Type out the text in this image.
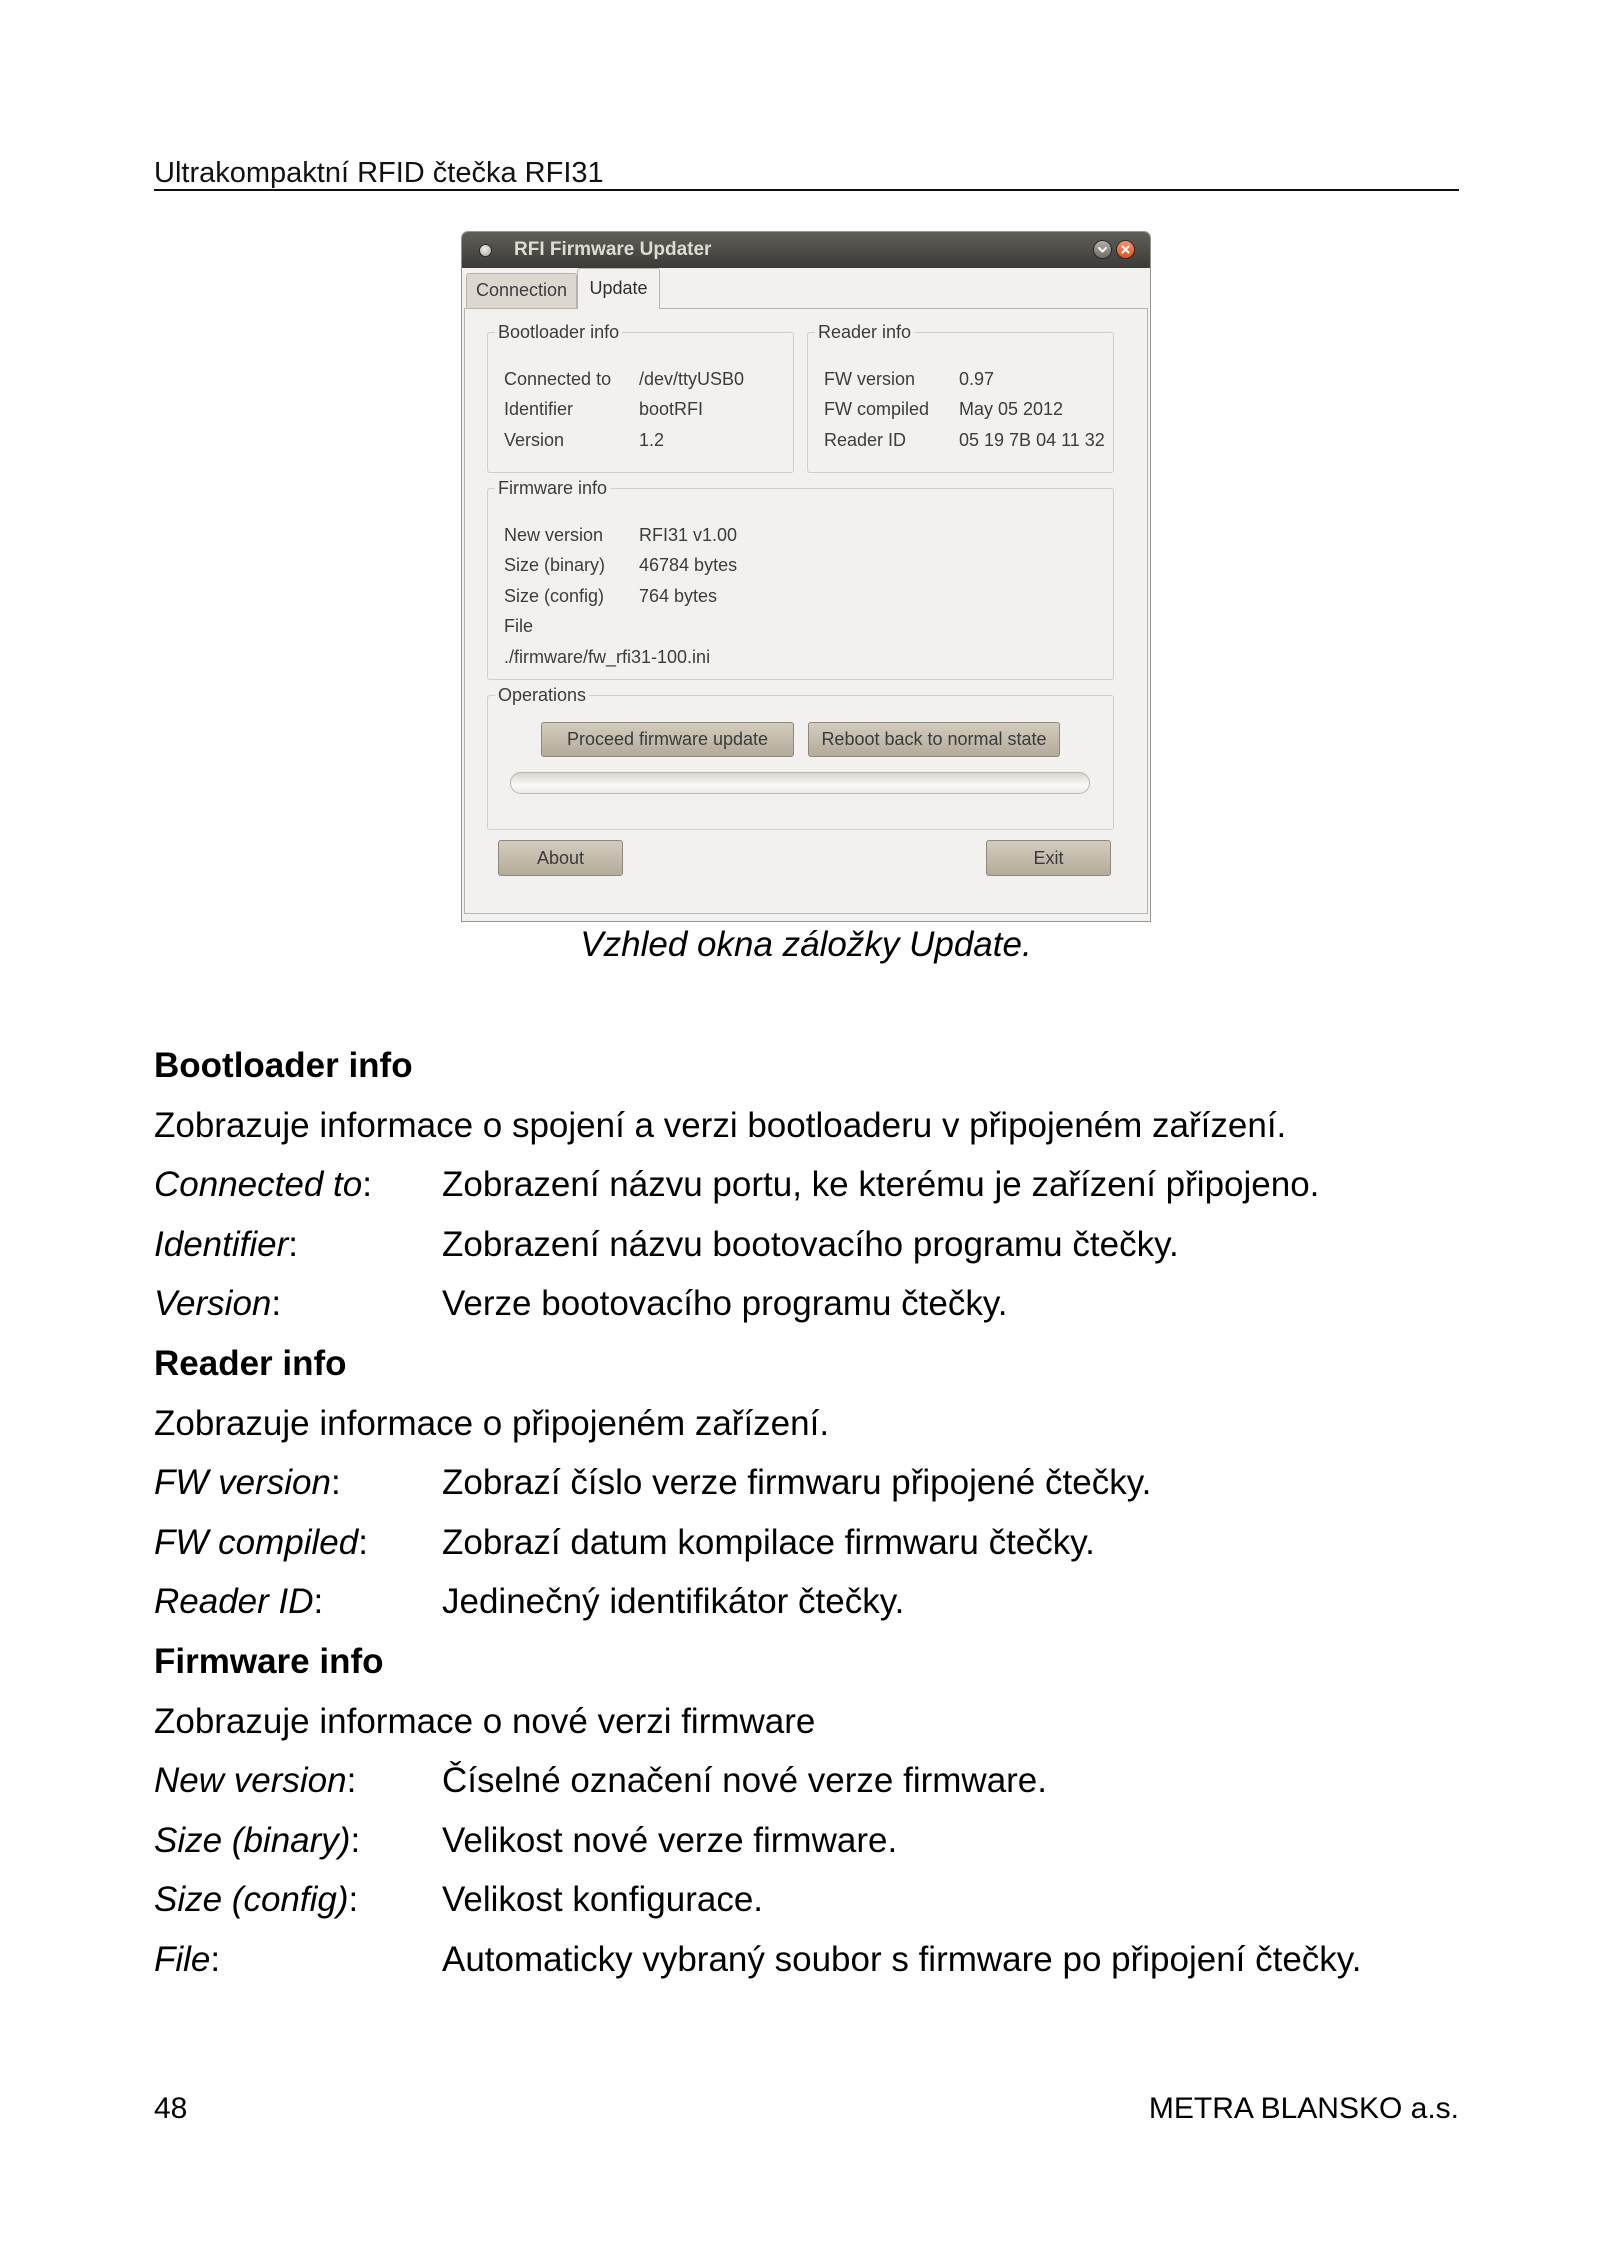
Ultrakompaktní RFID čtečka RFI31
RFI Firmware Updater
Connection	Update
Bootloader info
Connected to /dev/ttyUSB0
Identifier	bootRFI
Version	1.2
Reader info
FW version 0.97
FW compiled May 05 2012
Reader ID	05 19 7B 04 11 32
Firmware info
New version RFI31 v1.00
Size (binary) 46784 bytes
Size (config) 764 bytes
File
./firmware/fw_rfi31-100.ini
Operations
Proceed firmware update	Reboot back to normal state
About	Exit
Vzhled okna záložky Update.
Bootloader info
Zobrazuje informace o spojení a verzi bootloaderu v připojeném zařízení.
Connected to:	Zobrazení názvu portu, ke kterému je zařízení připojeno.
Identifier:	Zobrazení názvu bootovacího programu čtečky.
Version:	Verze bootovacího programu čtečky.
Reader info
Zobrazuje informace o připojeném zařízení.
FW version:	Zobrazí číslo verze firmwaru připojené čtečky.
FW compiled:	Zobrazí datum kompilace firmwaru čtečky.
Reader ID:	Jedinečný identifikátor čtečky.
Firmware info
Zobrazuje informace o nové verzi firmware
New version:	Číselné označení nové verze firmware.
Size (binary):	Velikost nové verze firmware.
Size (config):	Velikost konfigurace.
File:	Automaticky vybraný soubor s firmware po připojení čtečky.
48	METRA BLANSKO a.s.
